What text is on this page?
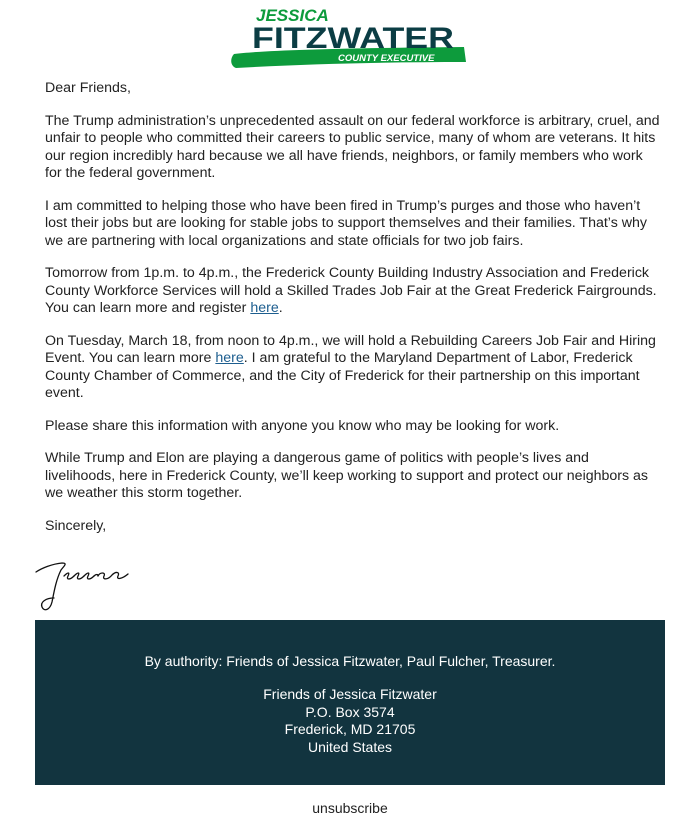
JESSICA
FITZWATER
COUNTY EXECUTIVE

Dear Friends,

The Trump administration’s unprecedented assault on our federal workforce is arbitrary, cruel, and unfair to people who committed their careers to public service, many of whom are veterans. It hits our region incredibly hard because we all have friends, neighbors, or family members who work for the federal government.

I am committed to helping those who have been fired in Trump’s purges and those who haven’t lost their jobs but are looking for stable jobs to support themselves and their families. That’s why we are partnering with local organizations and state officials for two job fairs.

Tomorrow from 1p.m. to 4p.m., the Frederick County Building Industry Association and Frederick County Workforce Services will hold a Skilled Trades Job Fair at the Great Frederick Fairgrounds. You can learn more and register here.

On Tuesday, March 18, from noon to 4p.m., we will hold a Rebuilding Careers Job Fair and Hiring Event. You can learn more here. I am grateful to the Maryland Department of Labor, Frederick County Chamber of Commerce, and the City of Frederick for their partnership on this important event.

Please share this information with anyone you know who may be looking for work.

While Trump and Elon are playing a dangerous game of politics with people’s lives and livelihoods, here in Frederick County, we’ll keep working to support and protect our neighbors as we weather this storm together.

Sincerely,

By authority: Friends of Jessica Fitzwater, Paul Fulcher, Treasurer.
Friends of Jessica Fitzwater
P.O. Box 3574
Frederick, MD 21705
United States
unsubscribe
